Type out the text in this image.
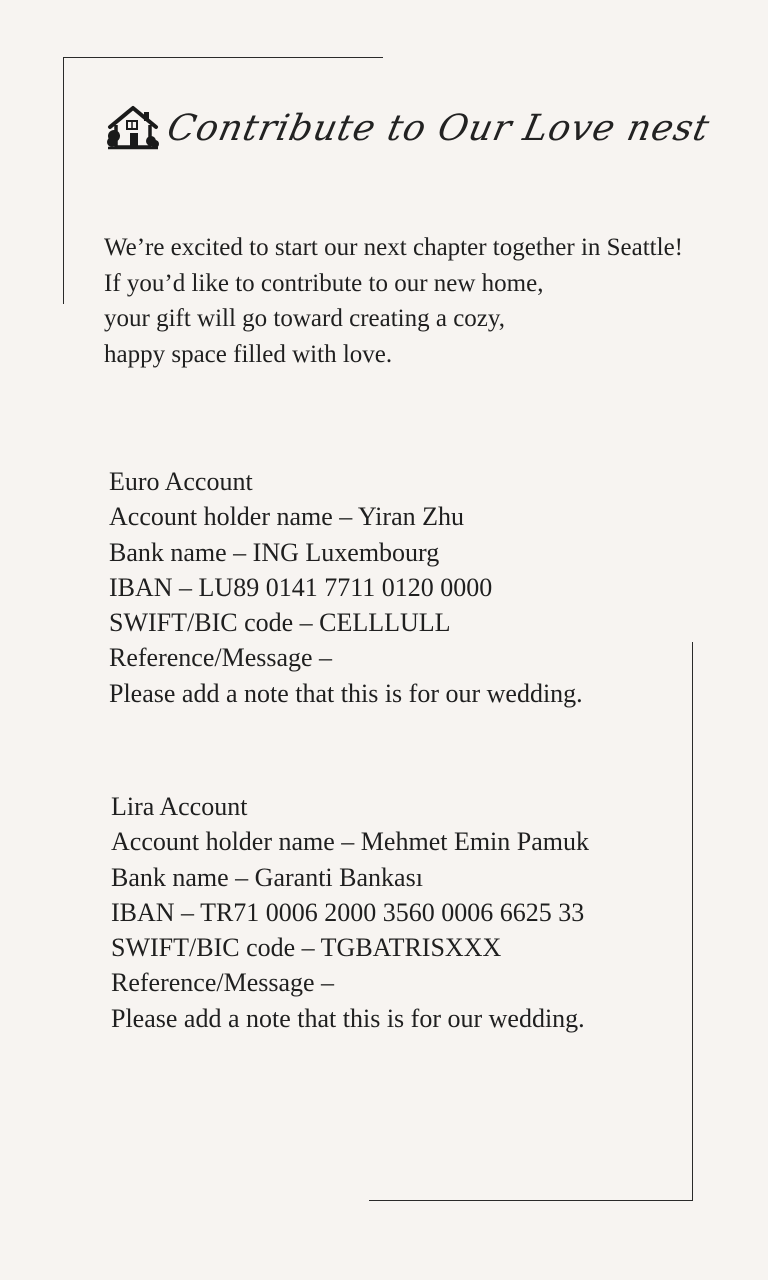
Contribute to Our Love nest

We’re excited to start our next chapter together in Seattle!

If you’d like to contribute to our new home,

your gift will go toward creating a cozy,

happy space filled with love.

Euro Account

Account holder name – Yiran Zhu

Bank name – ING Luxembourg

IBAN – LU89 0141 7711 0120 0000

SWIFT/BIC code – CELLLULL

Reference/Message –

Please add a note that this is for our wedding.

Lira Account

Account holder name – Mehmet Emin Pamuk

Bank name – Garanti Bankası

IBAN – TR71 0006 2000 3560 0006 6625 33

SWIFT/BIC code – TGBATRISXXX

Reference/Message –

Please add a note that this is for our wedding.
